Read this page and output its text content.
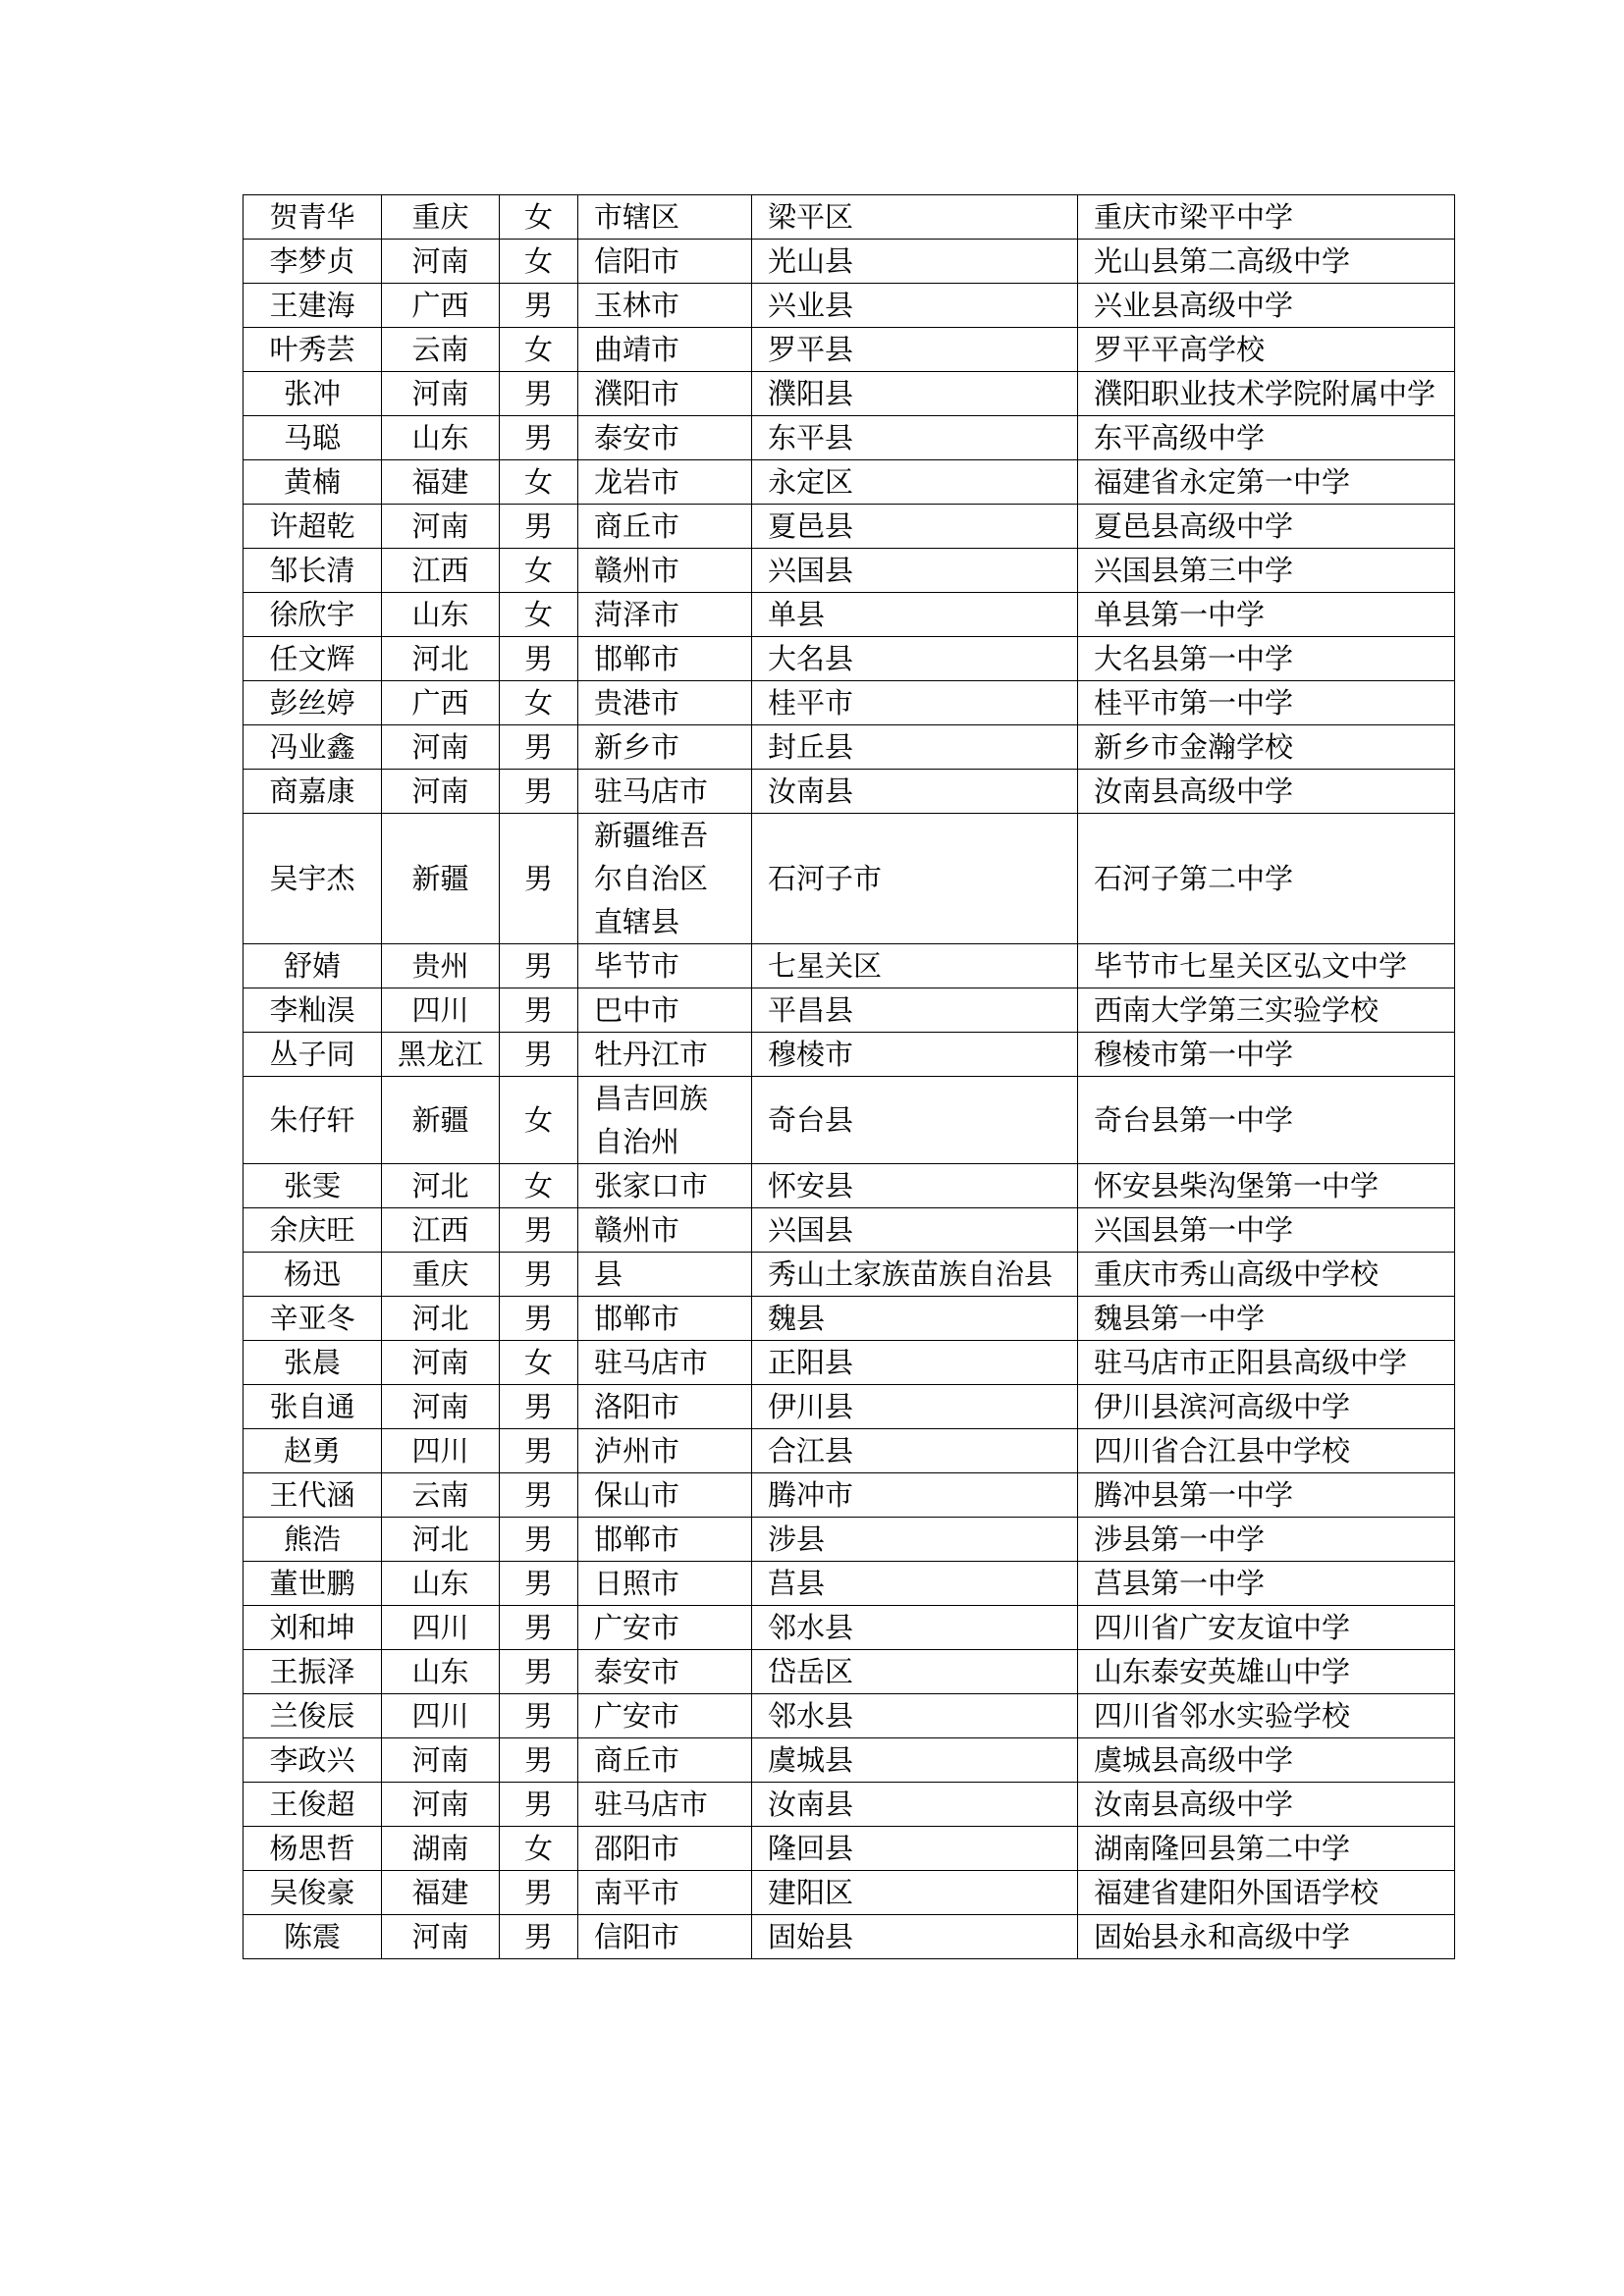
贺青华	重庆	女	市辖区	梁平区	重庆市梁平中学
李梦贞	河南	女	信阳市	光山县	光山县第二高级中学
王建海	广西	男	玉林市	兴业县	兴业县高级中学
叶秀芸	云南	女	曲靖市	罗平县	罗平平高学校
张冲	河南	男	濮阳市	濮阳县	濮阳职业技术学院附属中学
马聪	山东	男	泰安市	东平县	东平高级中学
黄楠	福建	女	龙岩市	永定区	福建省永定第一中学
许超乾	河南	男	商丘市	夏邑县	夏邑县高级中学
邹长清	江西	女	赣州市	兴国县	兴国县第三中学
徐欣宇	山东	女	菏泽市	单县	单县第一中学
任文辉	河北	男	邯郸市	大名县	大名县第一中学
彭丝婷	广西	女	贵港市	桂平市	桂平市第一中学
冯业鑫	河南	男	新乡市	封丘县	新乡市金瀚学校
商嘉康	河南	男	驻马店市	汝南县	汝南县高级中学
吴宇杰	新疆	男	新疆维吾尔自治区直辖县	石河子市	石河子第二中学
舒婧	贵州	男	毕节市	七星关区	毕节市七星关区弘文中学
李籼淏	四川	男	巴中市	平昌县	西南大学第三实验学校
丛子同	黑龙江	男	牡丹江市	穆棱市	穆棱市第一中学
朱仔轩	新疆	女	昌吉回族自治州	奇台县	奇台县第一中学
张雯	河北	女	张家口市	怀安县	怀安县柴沟堡第一中学
余庆旺	江西	男	赣州市	兴国县	兴国县第一中学
杨迅	重庆	男	县	秀山土家族苗族自治县	重庆市秀山高级中学校
辛亚冬	河北	男	邯郸市	魏县	魏县第一中学
张晨	河南	女	驻马店市	正阳县	驻马店市正阳县高级中学
张自通	河南	男	洛阳市	伊川县	伊川县滨河高级中学
赵勇	四川	男	泸州市	合江县	四川省合江县中学校
王代涵	云南	男	保山市	腾冲市	腾冲县第一中学
熊浩	河北	男	邯郸市	涉县	涉县第一中学
董世鹏	山东	男	日照市	莒县	莒县第一中学
刘和坤	四川	男	广安市	邻水县	四川省广安友谊中学
王振泽	山东	男	泰安市	岱岳区	山东泰安英雄山中学
兰俊辰	四川	男	广安市	邻水县	四川省邻水实验学校
李政兴	河南	男	商丘市	虞城县	虞城县高级中学
王俊超	河南	男	驻马店市	汝南县	汝南县高级中学
杨思哲	湖南	女	邵阳市	隆回县	湖南隆回县第二中学
吴俊豪	福建	男	南平市	建阳区	福建省建阳外国语学校
陈震	河南	男	信阳市	固始县	固始县永和高级中学
